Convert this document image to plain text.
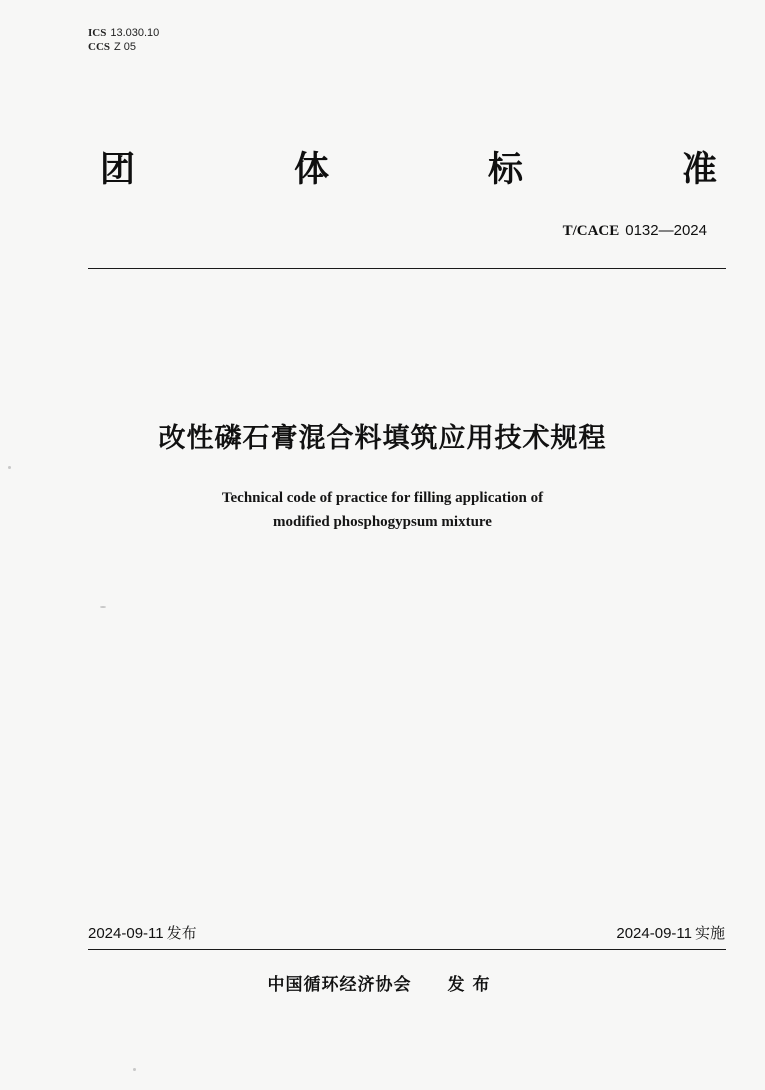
ICS 13.030.10
CCS Z 05
团	体	标	准
T/CACE 0132—2024
改性磷石膏混合料填筑应用技术规程
Technical code of practice for filling application of
modified phosphogypsum mixture
2024-09-11 发布	2024-09-11 实施
中国循环经济协会 发布
